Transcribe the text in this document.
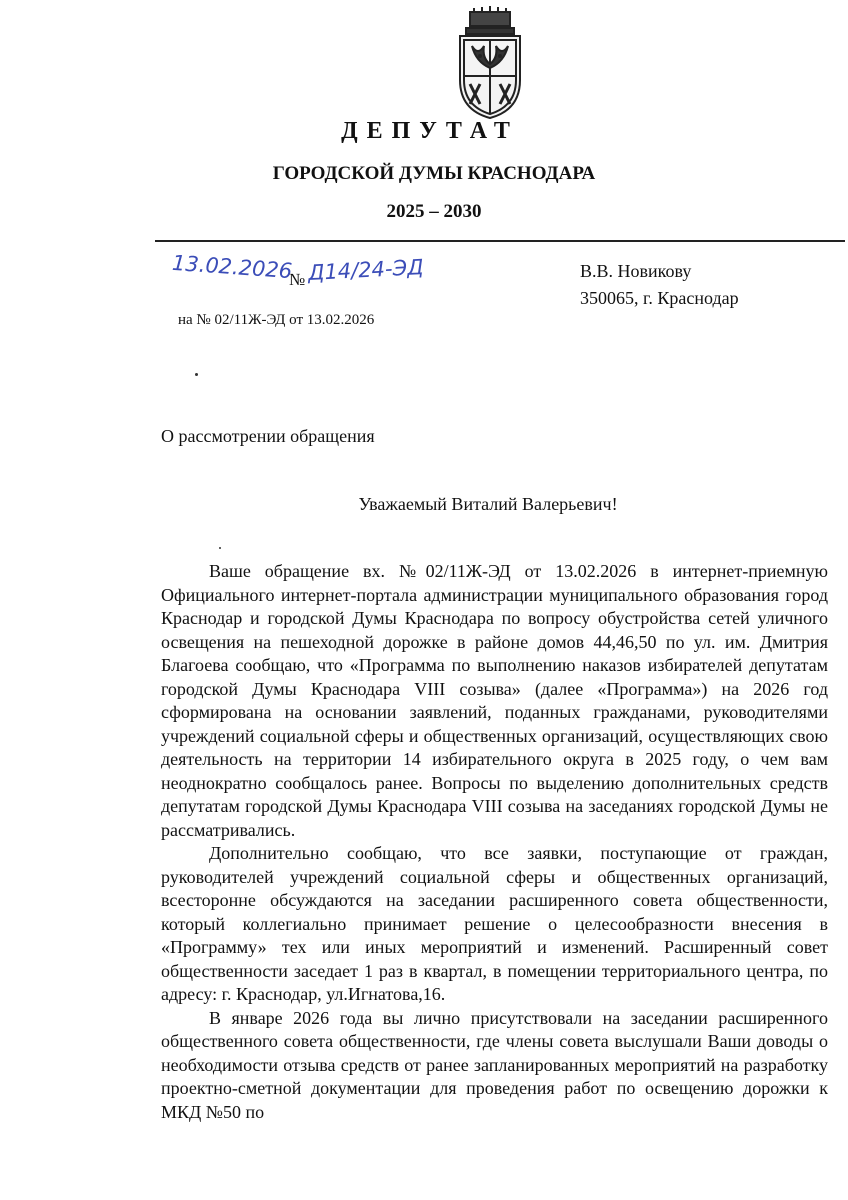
ДЕПУТАТ
ГОРОДСКОЙ ДУМЫ КРАСНОДАРА
2025 – 2030
13.02.2026
№ Д14/24-ЭД	В.В. Новикову
350065, г. Краснодар
на № 02/11Ж-ЭД от 13.02.2026
О рассмотрении обращения
Уважаемый Виталий Валерьевич!

Ваше обращение вх. №02/11Ж-ЭД от 13.02.2026 в интернет-приемную Официального интернет-портала администрации муниципального образования город Краснодар и городской Думы Краснодара по вопросу обустройства сетей уличного освещения на пешеходной дорожке в районе домов 44,46,50 по ул. им. Дмитрия Благоева сообщаю, что «Программа по выполнению наказов избирателей депутатам городской Думы Краснодара VIII созыва» (далее «Программа») на 2026 год сформирована на основании заявлений, поданных гражданами, руководителями учреждений социальной сферы и общественных организаций, осуществляющих свою деятельность на территории 14 избирательного округа в 2025 году, о чем вам неоднократно сообщалось ранее. Вопросы по выделению дополнительных средств депутатам городской Думы Краснодара VIII созыва на заседаниях городской Думы не рассматривались.

Дополнительно сообщаю, что все заявки, поступающие от граждан, руководителей учреждений социальной сферы и общественных организаций, всесторонне обсуждаются на заседании расширенного совета общественности, который коллегиально принимает решение о целесообразности внесения в «Программу» тех или иных мероприятий и изменений. Расширенный совет общественности заседает 1 раз в квартал, в помещении территориального центра, по адресу: г. Краснодар, ул.Игнатова,16.

В январе 2026 года вы лично присутствовали на заседании расширенного общественного совета общественности, где члены совета выслушали Ваши доводы о необходимости отзыва средств от ранее запланированных мероприятий на разработку проектно-сметной документации для проведения работ по освещению дорожки к МКД №50 по
